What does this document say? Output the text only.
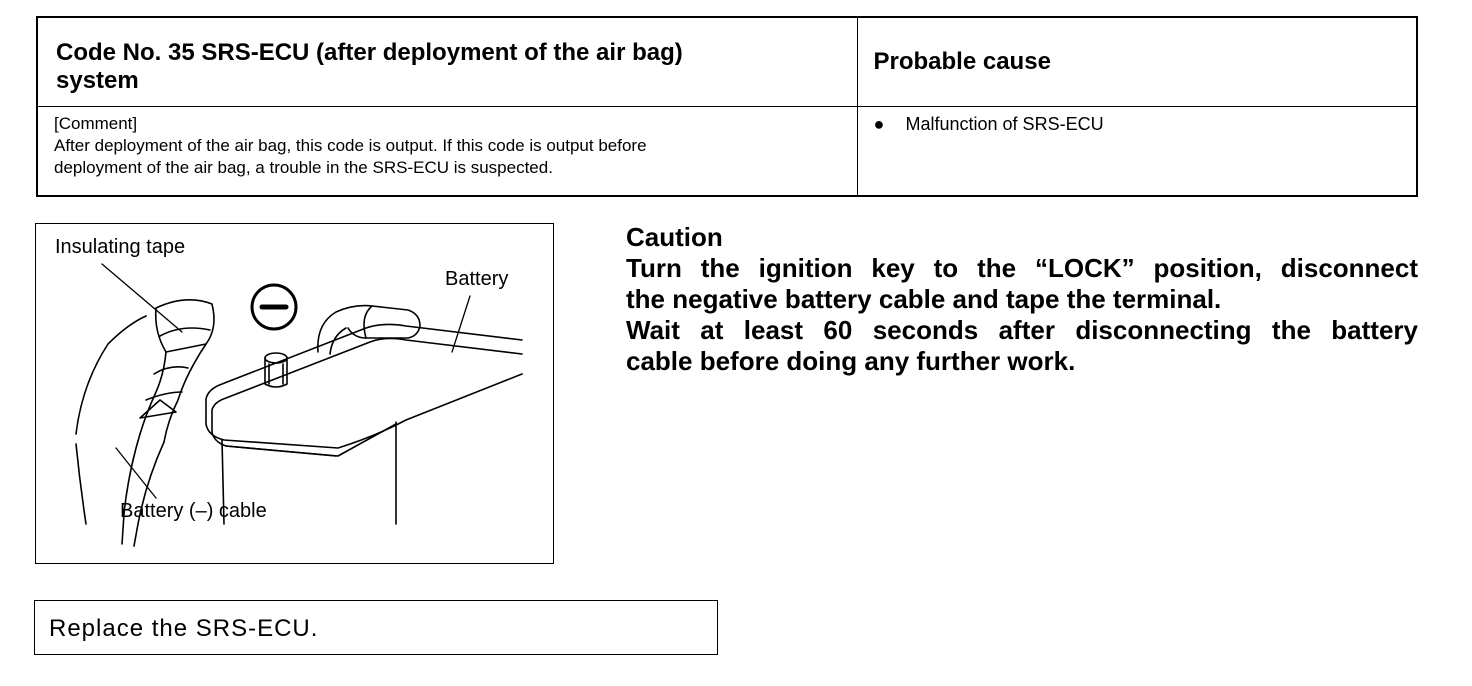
Code No. 35 SRS-ECU (after deployment of the air bag)
system	Probable cause

[Comment]
After deployment of the air bag, this code is output. If this code is output before
deployment of the air bag, a trouble in the SRS-ECU is suspected.	● Malfunction of SRS-ECU
Insulating tape
Battery
Battery (–) cable
Caution
Turn the ignition key to the “LOCK” position, disconnect
the negative battery cable and tape the terminal.
Wait at least 60 seconds after disconnecting the battery
cable before doing any further work.
Replace the SRS-ECU.
